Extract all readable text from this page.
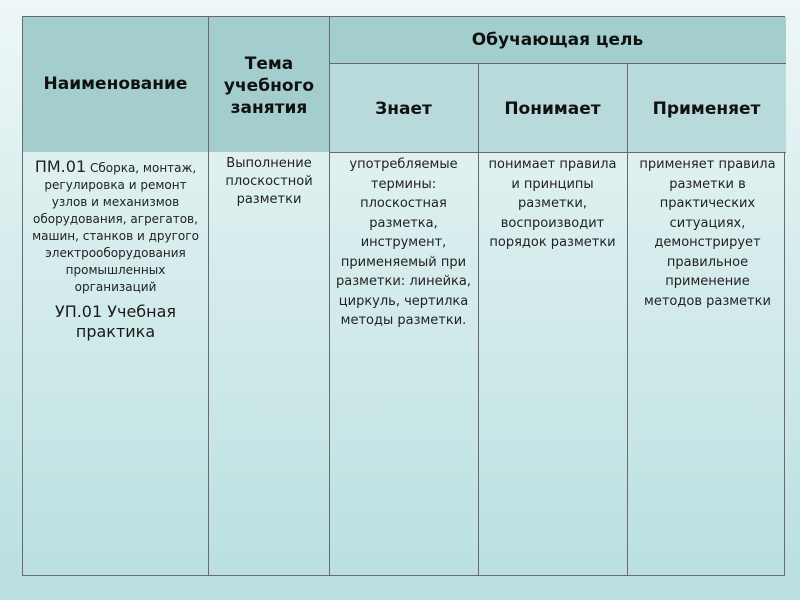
Наименование
Тема учебного занятия
Обучающая цель
Знает	Понимает	Применяет

ПМ.01 Сборка, монтаж, регулировка и ремонт узлов и механизмов оборудования, агрегатов, машин, станков и другого электрооборудования промышленных организаций

УП.01 Учебная практика

Выполнение плоскостной разметки
употребляемые термины: плоскостная разметка, инструмент, применяемый при разметки: линейка, циркуль, чертилка методы разметки.
понимает правила и принципы разметки, воспроизводит порядок разметки
применяет правила разметки в практических ситуациях, демонстрирует правильное применение методов разметки
